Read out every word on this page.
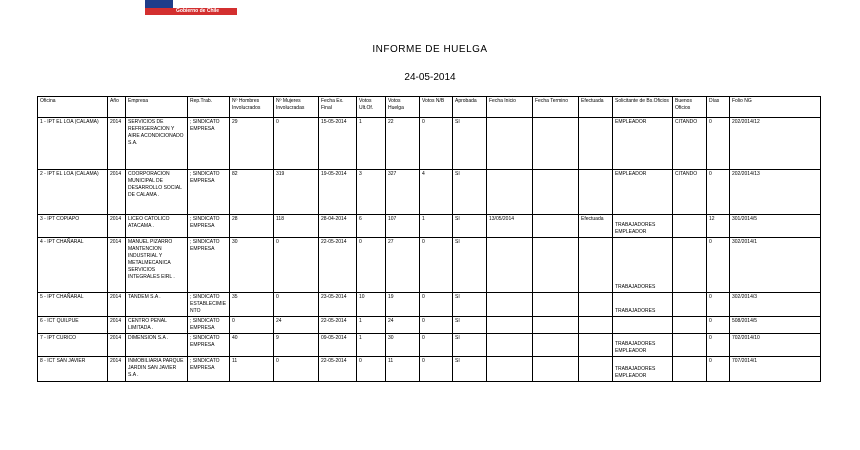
Gobierno de Chile
INFORME DE HUELGA
24-05-2014
Oficina	Año	Empresa	Rep.Trab.	Nº Hombres Involucrados	Nº Mujeres Involucradas	Fecha Ex. Final	Votos Ult.Of.	Votos Huelga	Votos N/B	Aprobada	Fecha Inicio	Fecha Termino	Efectuada	Solicitante de Bs.Oficios	Buenos Oficios	Días	Folio NG
1 - IPT EL LOA (CALAMA)	2014	SERVICIOS DE REFRIGERACION Y AIRE ACONDICIONADO S.A.	; SINDICATO EMPRESA	29	0	15-05-2014	1	22	0	SI				EMPLEADOR	CITANDO	0	202/2014/12
2 - IPT EL LOA (CALAMA)	2014	COORPORACION MUNICIPAL DE DESARROLLO SOCIAL DE CALAMA .	; SINDICATO EMPRESA	82	319	19-05-2014	3	327	4	SI				EMPLEADOR	CITANDO	0	202/2014/13
3 - IPT COPIAPO	2014	LICEO CATOLICO ATACAMA .	; SINDICATO EMPRESA	28	118	28-04-2014	6	107	1	SI	13/05/2014		Efectuada	TRABAJADORES EMPLEADOR		12	301/2014/5
4 - IPT CHAÑARAL	2014	MANUEL PIZARRO MANTENCION INDUSTRIAL Y METALMECANICA SERVICIOS INTEGRALES EIRL .	; SINDICATO EMPRESA	30	0	22-05-2014	0	27	0	SI				TRABAJADORES		0	302/2014/1
5 - IPT CHAÑARAL	2014	TANDEM S.A .	; SINDICATO ESTABLECIMIENTO	35	0	23-05-2014	10	19	0	SI				TRABAJADORES		0	302/2014/3
6 - ICT QUILPUE	2014	CENTRO PENAL LIMITADA .	; SINDICATO EMPRESA	0	24	22-05-2014	1	24	0	SI						0	508/2014/5
7 - IPT CURICO	2014	DIMENSION S.A .	; SINDICATO EMPRESA	40	9	09-05-2014	1	30	0	SI				TRABAJADORES EMPLEADOR		0	702/2014/10
8 - ICT SAN JAVIER	2014	INMOBILIARIA PARQUE JARDIN SAN JAVIER S.A .	; SINDICATO EMPRESA	11	0	22-05-2014	0	11	0	SI				TRABAJADORES EMPLEADOR		0	707/2014/1
